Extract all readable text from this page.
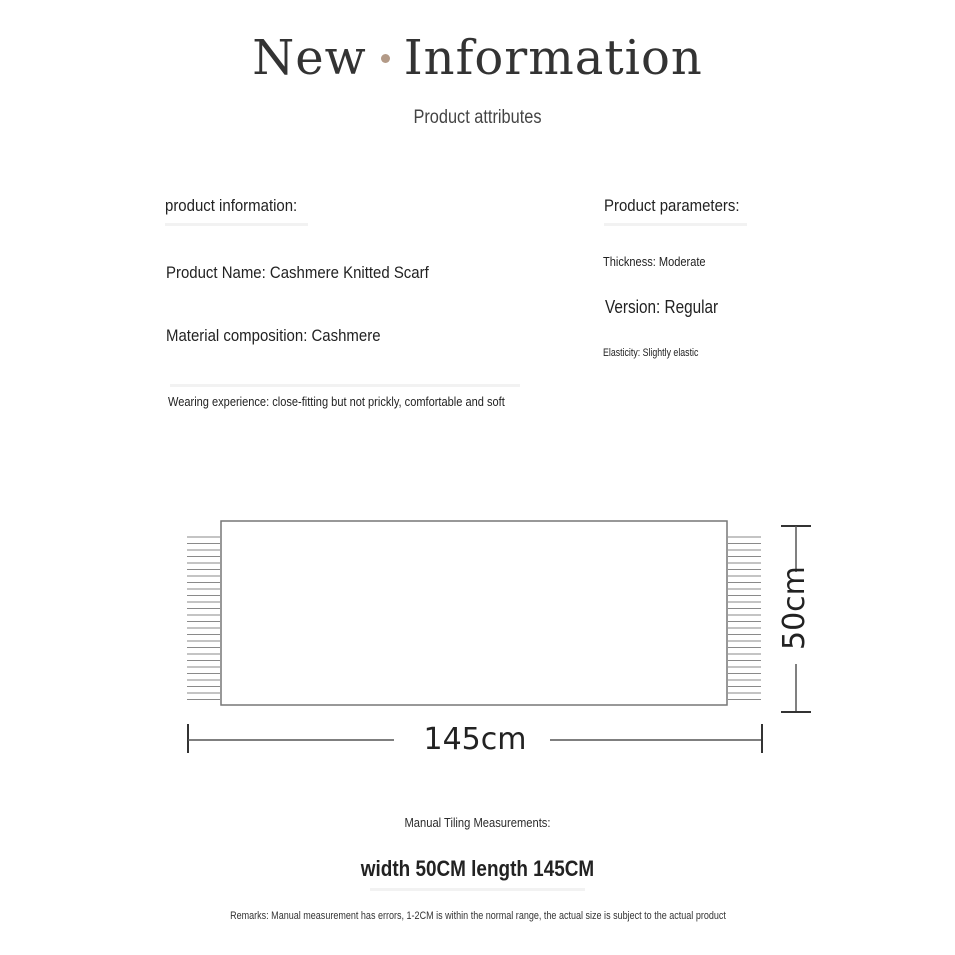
New Information
Product attributes
product information:
Product Name: Cashmere Knitted Scarf
Material composition: Cashmere
Wearing experience: close-fitting but not prickly, comfortable and soft
Product parameters:
Thickness: Moderate
Version: Regular
Elasticity: Slightly elastic
145cm
50cm
Manual Tiling Measurements:
width 50CM length 145CM
Remarks: Manual measurement has errors, 1-2CM is within the normal range, the actual size is subject to the actual product
